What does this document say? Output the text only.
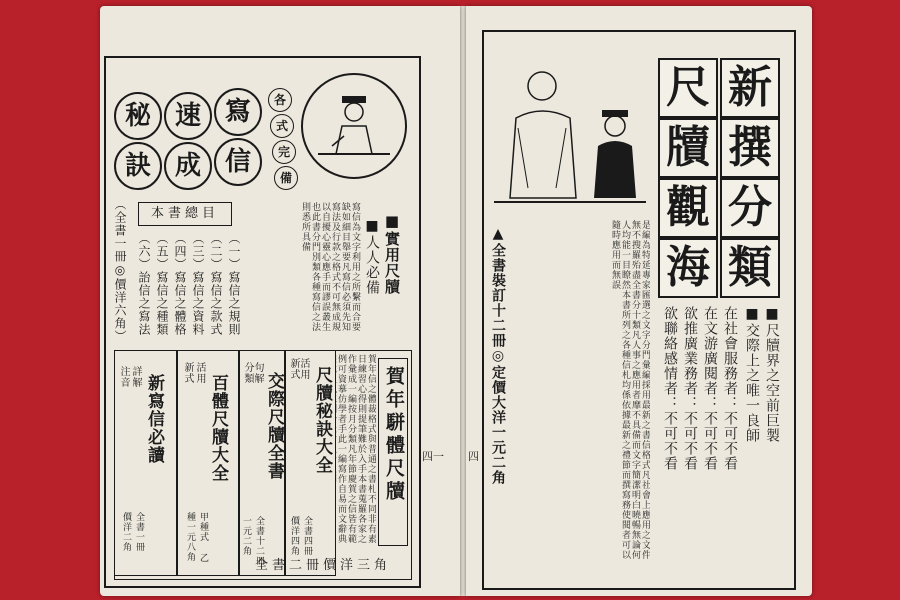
秘 速 寫
訣 成 信
各
式
完
備
本書總目
（全書一冊◎價洋六角） （六）詒信之寫法 （五）寫信之種類 （四）寫信之體格 （三）寫信之資料 （二）寫信之款式 （一）寫信之規則	寫信為文字利用之所繫而合要缺如細目舉要凡寫信必須先知寫法及行款之格式不可無成規以自擾心靈心應手而謬誤叢生也此書分門別類各種寫信之法則悉所具備	■人人必備 ■實用尺牘
注音 詳解 新寫信必讀
全書一冊 價洋二角
新式 活用
百體尺牘大全
甲種式 乙種一元八角
分類 句解 交際尺牘全書
全書十二冊 一元二角
新式 活用 尺牘秘訣大全
全書四冊 價洋四角
賀年信之體裁格式與普通之書札不同非有素日練習心得則提筆難於入手本書蒐羅各家之作彙成一編按月分類凡年節慶賀之信皆有範例可資摹仿學者手此一編寫作自易而文辭典
賀年駢體尺牘
全書二冊價洋三角
四一
新
撰
分
類
尺
牘
觀
海
■尺牘界之空前巨製
■交際上之唯一良師
在社會服務者：不可不看
在文游廣閱者：不可不看
欲推廣業務者：不可不看
欲聯絡感情者：不可不看
是編為特延專家匯選之文字分門彙編採用最新之書信格式凡社會上應用之文件無不搜羅殆盡全書分十類凡人事之應用者靡不具備而文字簡潔明白曉暢無論何人均能一目瞭然本書所列之各種信札均係依據最新之禮節而撰寫務使閱者可以隨時應用而無誤
▲全書裝訂十二冊◎定價大洋一元二角
四
